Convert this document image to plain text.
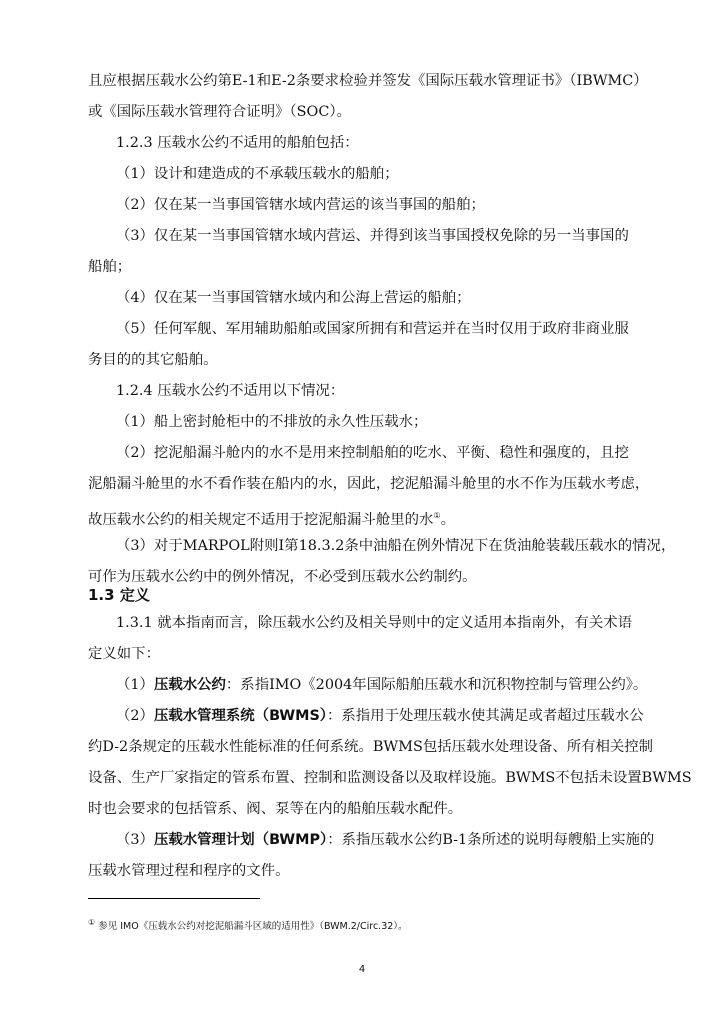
且应根据压载水公约第E-1和E-2条要求检验并签发《国际压载水管理证书》（IBWMC）
或《国际压载水管理符合证明》（SOC）。
1.2.3 压载水公约不适用的船舶包括：
（1）设计和建造成的不承载压载水的船舶；
（2）仅在某一当事国管辖水域内营运的该当事国的船舶；
（3）仅在某一当事国管辖水域内营运、并得到该当事国授权免除的另一当事国的
船舶；
（4）仅在某一当事国管辖水域内和公海上营运的船舶；
（5）任何军舰、军用辅助船舶或国家所拥有和营运并在当时仅用于政府非商业服
务目的的其它船舶。
1.2.4 压载水公约不适用以下情况：
（1）船上密封舱柜中的不排放的永久性压载水；
（2）挖泥船漏斗舱内的水不是用来控制船舶的吃水、平衡、稳性和强度的，且挖
泥船漏斗舱里的水不看作装在船内的水，因此，挖泥船漏斗舱里的水不作为压载水考虑，
故压载水公约的相关规定不适用于挖泥船漏斗舱里的水①。
（3）对于MARPOL附则I第18.3.2条中油船在例外情况下在货油舱装载压载水的情况，
可作为压载水公约中的例外情况，不必受到压载水公约制约。
1.3 定义
1.3.1 就本指南而言，除压载水公约及相关导则中的定义适用本指南外，有关术语
定义如下：
（1）压载水公约：系指IMO《2004年国际船舶压载水和沉积物控制与管理公约》。
（2）压载水管理系统（BWMS）：系指用于处理压载水使其满足或者超过压载水公
约D-2条规定的压载水性能标准的任何系统。BWMS包括压载水处理设备、所有相关控制
设备、生产厂家指定的管系布置、控制和监测设备以及取样设施。BWMS不包括未设置BWMS
时也会要求的包括管系、阀、泵等在内的船舶压载水配件。
（3）压载水管理计划（BWMP）：系指压载水公约B-1条所述的说明每艘船上实施的
压载水管理过程和程序的文件。
① 参见 IMO《压载水公约对挖泥船漏斗区域的适用性》（BWM.2/Circ.32）。
4
